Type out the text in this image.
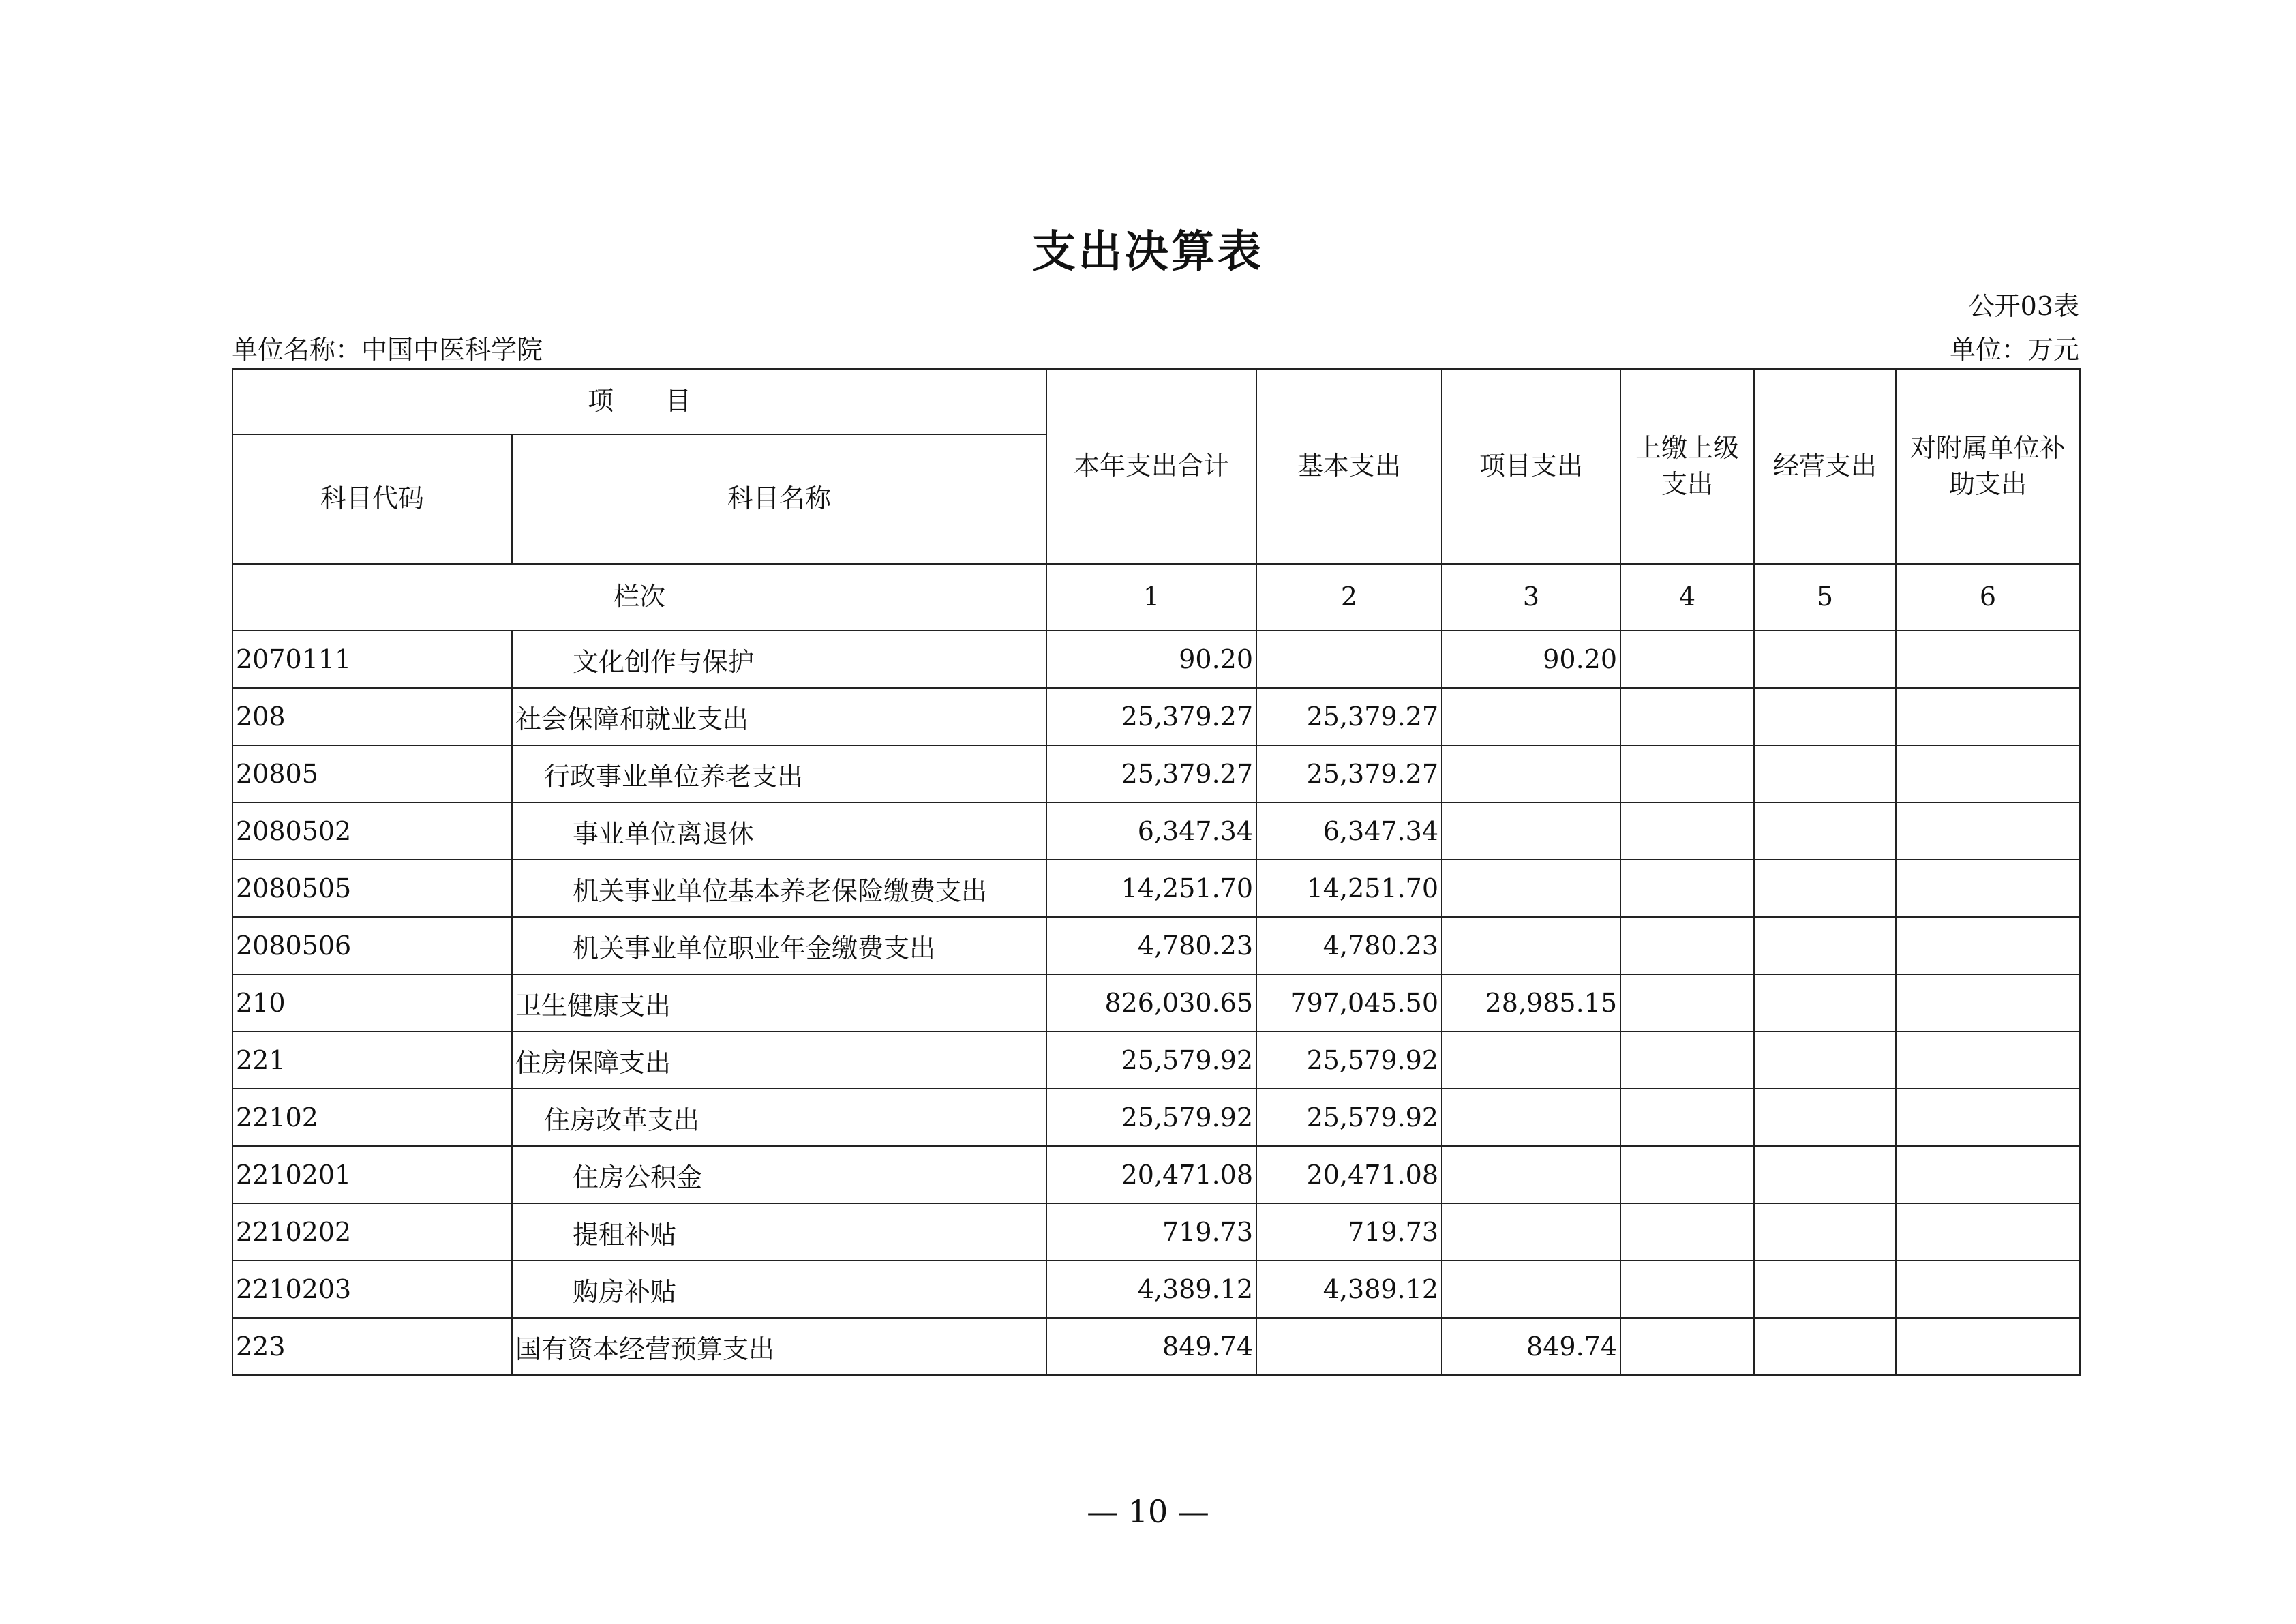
支出决算表
公开03表
单位名称：中国中医科学院	单位：万元
项　　目		本年支出合计	基本支出	项目支出	上缴上级支出	经营支出	对附属单位补助支出

科目代码	科目名称						
栏次		1	2	3	4	5	6
2070111	文化创作与保护	90.20		90.20			
208	社会保障和就业支出	25,379.27	25,379.27				
20805	行政事业单位养老支出	25,379.27	25,379.27				
2080502	事业单位离退休	6,347.34	6,347.34				
2080505	机关事业单位基本养老保险缴费支出	14,251.70	14,251.70				
2080506	机关事业单位职业年金缴费支出	4,780.23	4,780.23				
210	卫生健康支出	826,030.65	797,045.50	28,985.15			
221	住房保障支出	25,579.92	25,579.92				
22102	住房改革支出	25,579.92	25,579.92				
2210201	住房公积金	20,471.08	20,471.08				
2210202	提租补贴	719.73	719.73				
2210203	购房补贴	4,389.12	4,389.12				
223	国有资本经营预算支出	849.74		849.74			
— 10 —
